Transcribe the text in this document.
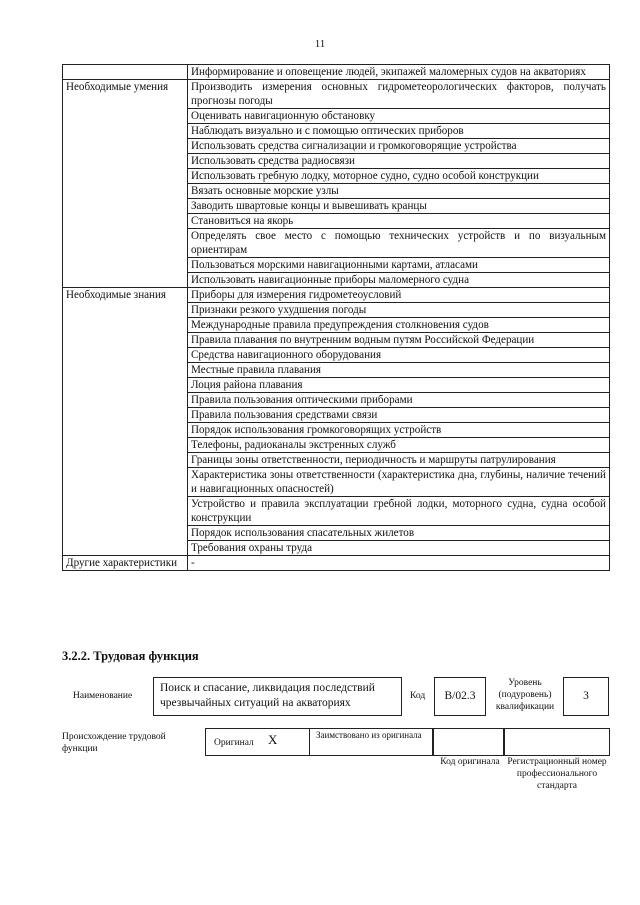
11
	Информирование и оповещение людей, экипажей маломерных судов на акваториях
Необходимые умения	Производить измерения основных гидрометеорологических факторов, получать прогнозы погоды
	Оценивать навигационную обстановку
	Наблюдать визуально и с помощью оптических приборов
	Использовать средства сигнализации и громкоговорящие устройства
	Использовать средства радиосвязи
	Использовать гребную лодку, моторное судно, судно особой конструкции
	Вязать основные морские узлы
	Заводить швартовые концы и вывешивать кранцы
	Становиться на якорь
	Определять свое место с помощью технических устройств и по визуальным ориентирам
	Пользоваться морскими навигационными картами, атласами
	Использовать навигационные приборы маломерного судна
Необходимые знания	Приборы для измерения гидрометеоусловий
	Признаки резкого ухудшения погоды
	Международные правила предупреждения столкновения судов
	Правила плавания по внутренним водным путям Российской Федерации
	Средства навигационного оборудования
	Местные правила плавания
	Лоция района плавания
	Правила пользования оптическими приборами
	Правила пользования средствами связи
	Порядок использования громкоговорящих устройств
	Телефоны, радиоканалы экстренных служб
	Границы зоны ответственности, периодичность и маршруты патрулирования
	Характеристика зоны ответственности (характеристика дна, глубины, наличие течений и навигационных опасностей)
	Устройство и правила эксплуатации гребной лодки, моторного судна, судна особой конструкции
	Порядок использования спасательных жилетов
	Требования охраны труда
Другие характеристики	-
3.2.2. Трудовая функция
Наименование
Поиск и спасание, ликвидация последствий чрезвычайных ситуаций на акваториях
Код	B/02.3
Уровень (подуровень) квалификации
3
Происхождение трудовой функции
Оригинал X	Заимствовано из оригинала
Код оригинала Регистрационный номер профессионального стандарта
